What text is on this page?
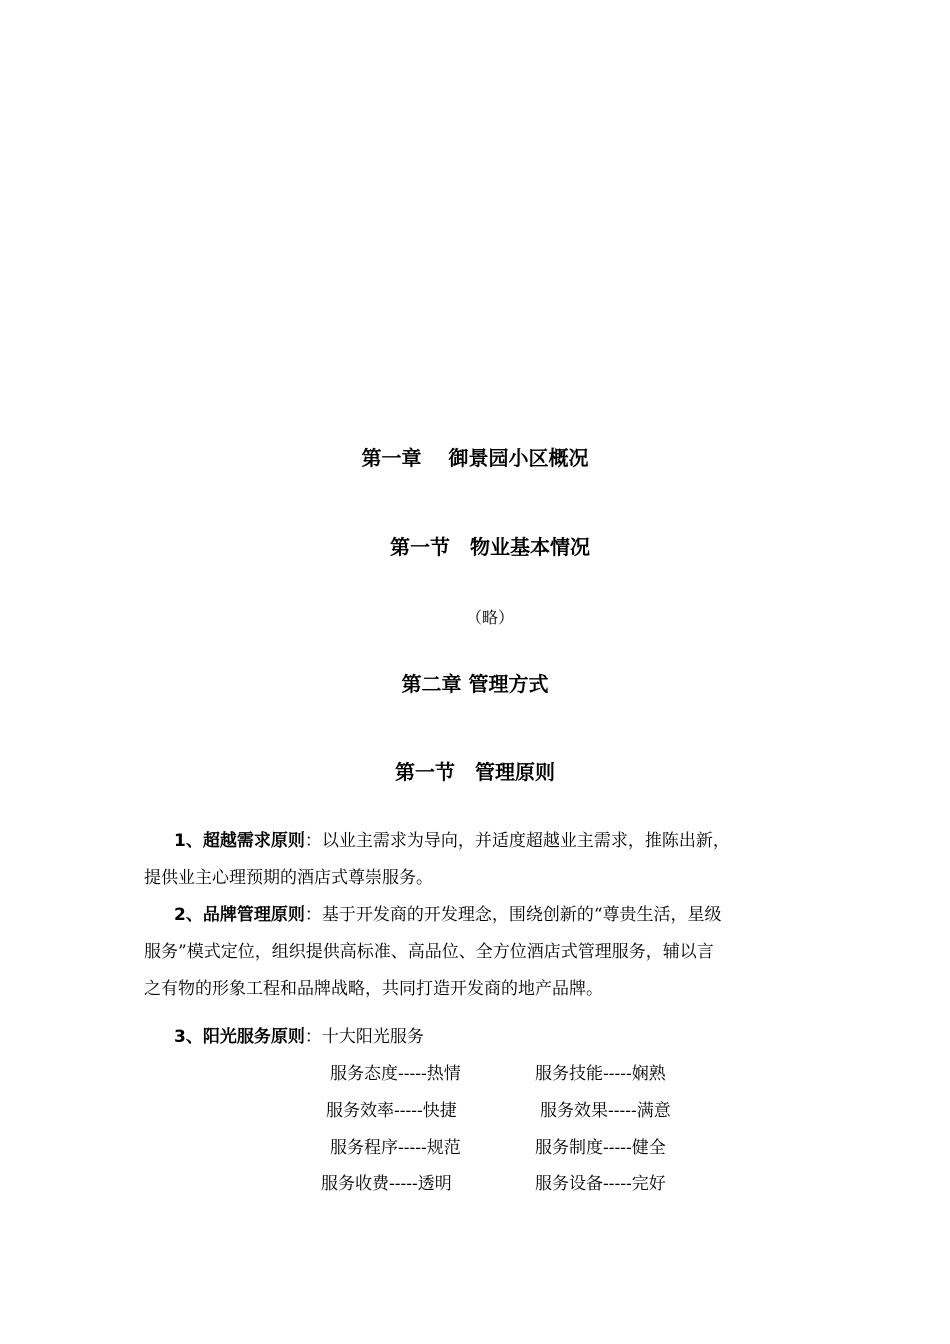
第一章　 御景园小区概况
第一节　物业基本情况
（略）
第二章 管理方式
第一节　管理原则
1、超越需求原则：以业主需求为导向，并适度超越业主需求，推陈出新，
提供业主心理预期的酒店式尊崇服务。
2、品牌管理原则：基于开发商的开发理念，围绕创新的“尊贵生活，星级
服务”模式定位，组织提供高标准、高品位、全方位酒店式管理服务，辅以言
之有物的形象工程和品牌战略，共同打造开发商的地产品牌。
3、阳光服务原则：十大阳光服务
服务态度-----热情	服务技能-----娴熟
服务效率-----快捷	服务效果-----满意
服务程序-----规范	服务制度-----健全
服务收费-----透明	服务设备-----完好
